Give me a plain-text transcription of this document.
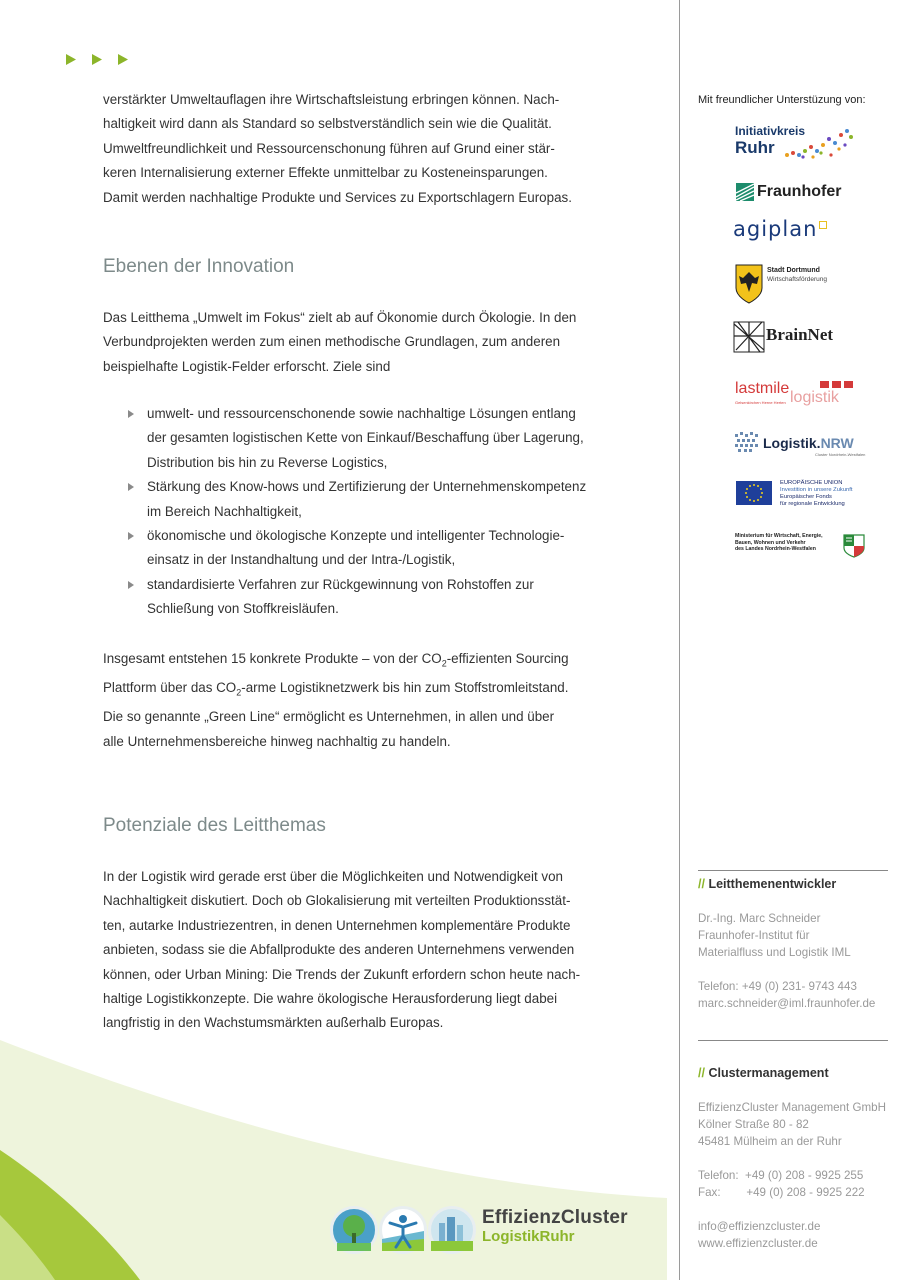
verstärkter Umweltauflagen ihre Wirtschaftsleistung erbringen können. Nach-

haltigkeit wird dann als Standard so selbstverständlich sein wie die Qualität.

Umweltfreundlichkeit und Ressourcenschonung führen auf Grund einer stär-

keren Internalisierung externer Effekte unmittelbar zu Kosteneinsparungen.

Damit werden nachhaltige Produkte und Services zu Exportschlagern Europas.

Ebenen der Innovation

Das Leitthema „Umwelt im Fokus“ zielt ab auf Ökonomie durch Ökologie. In den

Verbundprojekten werden zum einen methodische Grundlagen, zum anderen

beispielhafte Logistik-Felder erforscht. Ziele sind

umwelt- und ressourcenschonende sowie nachhaltige Lösungen entlang
der gesamten logistischen Kette von Einkauf/Beschaffung über Lagerung,
Distribution bis hin zu Reverse Logistics,
Stärkung des Know-hows und Zertifizierung der Unternehmenskompetenz
im Bereich Nachhaltigkeit,
ökonomische und ökologische Konzepte und intelligenter Technologie-
einsatz in der Instandhaltung und der Intra-/Logistik,
standardisierte Verfahren zur Rückgewinnung von Rohstoffen zur
Schließung von Stoffkreisläufen.

Insgesamt entstehen 15 konkrete Produkte – von der $CO_2$-effizienten Sourcing

Plattform über das $CO_2$-arme Logistiknetzwerk bis hin zum Stoffstromleitstand.

Die so genannte „Green Line“ ermöglicht es Unternehmen, in allen und über

alle Unternehmensbereiche hinweg nachhaltig zu handeln.

Potenziale des Leitthemas

In der Logistik wird gerade erst über die Möglichkeiten und Notwendigkeit von

Nachhaltigkeit diskutiert. Doch ob Glokalisierung mit verteilten Produktionsstät-

ten, autarke Industriezentren, in denen Unternehmen komplementäre Produkte

anbieten, sodass sie die Abfallprodukte des anderen Unternehmens verwenden

können, oder Urban Mining: Die Trends der Zukunft erfordern schon heute nach-

haltige Logistikkonzepte. Die wahre ökologische Herausforderung liegt dabei

langfristig in den Wachstumsmärkten außerhalb Europas.

Mit freundlicher Unterstüzung von:
Initiativkreis
Ruhr
Fraunhofer
agiplan
Stadt Dortmund
Wirtschaftsförderung
BrainNet
lastmile
logistik
Gelsenkirchen Herne Herten
Logistik.NRW
Cluster Nordrhein-Westfalen
EUROPÄISCHE UNION
Investition in unsere Zukunft
Europäischer Fonds
für regionale Entwicklung
Ministerium für Wirtschaft, Energie,
Bauen, Wohnen und Verkehr
des Landes Nordrhein-Westfalen
// Leitthemenentwickler
Dr.-Ing. Marc Schneider
Fraunhofer-Institut für
Materialfluss und Logistik IML

Telefon: +49 (0) 231- 9743 443
marc.schneider@iml.fraunhofer.de
// Clustermanagement
EffizienzCluster Management GmbH
Kölner Straße 80 - 82
45481 Mülheim an der Ruhr

Telefon:  +49 (0) 208 - 9925 255
Fax:        +49 (0) 208 - 9925 222

info@effizienzcluster.de
www.effizienzcluster.de
EffizienzCluster
LogistikRuhr
